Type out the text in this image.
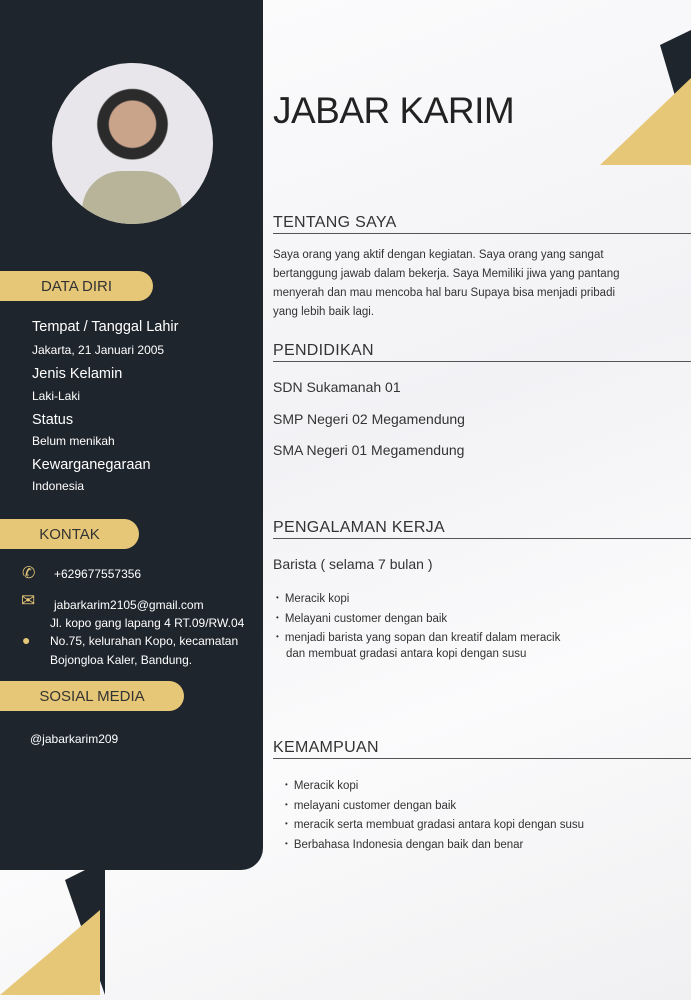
DATA DIRI
Tempat / Tanggal Lahir
Jakarta, 21 Januari 2005
Jenis Kelamin
Laki-Laki
Status
Belum menikah
Kewarganegaraan
Indonesia
KONTAK
✆ +629677557356
✉ jabarkarim2105@gmail.com
●
Jl. kopo gang lapang 4 RT.09/RW.04
No.75, kelurahan Kopo, kecamatan
Bojongloa Kaler, Bandung.
SOSIAL MEDIA
@jabarkarim209
JABAR KARIM
TENTANG SAYA
Saya orang yang aktif dengan kegiatan. Saya orang yang sangat
bertanggung jawab dalam bekerja. Saya Memiliki jiwa yang pantang
menyerah dan mau mencoba hal baru Supaya bisa menjadi pribadi
yang lebih baik lagi.
PENDIDIKAN
SDN Sukamanah 01
SMP Negeri 02 Megamendung
SMA Negeri 01 Megamendung
PENGALAMAN KERJA
Barista ( selama 7 bulan )
• Meracik kopi
• Melayani customer dengan baik
• menjadi barista yang sopan dan kreatif dalam meracik
dan membuat gradasi antara kopi dengan susu
KEMAMPUAN
• Meracik kopi
• melayani customer dengan baik
• meracik serta membuat gradasi antara kopi dengan susu
• Berbahasa Indonesia dengan baik dan benar
